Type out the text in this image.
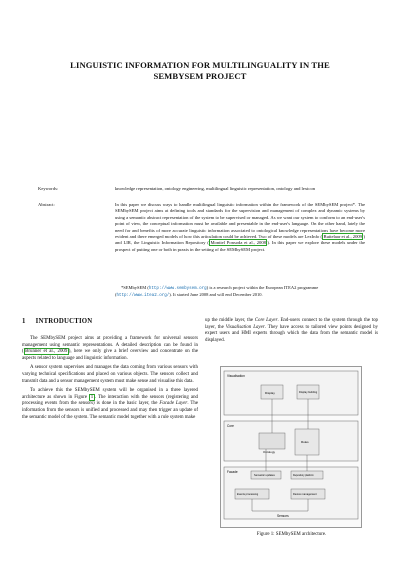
LINGUISTIC INFORMATION FOR MULTILINGUALITY IN THE
SEMBYSEM PROJECT
Keywords:	knowledge representation, ontology engineering, multilingual linguistic representation, ontology and lexicon
Abstract:	In this paper we discuss ways to handle multilingual linguistic information within the framework of the SEMbySEM project*. The SEMbySEM project aims at defining tools and standards for the supervision and management of complex and dynamic systems by using a semantic abstract representation of the system to be supervised or managed. As we want our system to conform to an end-user's point of view, the conceptual information must be available and presentable in the end-user's language. On the other hand, lately the need for and benefits of more accurate linguistic information associated to ontological knowledge representations have become more evident and there emerged models of how this articulation could be achieved. Two of these models are LexInfo ( Buitelaar et al., 2009 ) and LIR, the Linguistic Information Repository ( Montiel Ponsoda et al., 2008 ). In this paper we explore these models under the prospect of putting one or both in praxis in the setting of the SEMbySEM project.

*SEMbySEM (http://www.sembysem.org) is a research project within the European ITEA2 programme (http://www.itea2.org/). It started June 2008 and will end December 2010.

1 INTRODUCTION

The SEMbySEM project aims at providing a framework for universal sensors management using semantic representations. A detailed description can be found in ( Brunner et al., 2009 ), here we only give a brief overview and concentrate on the aspects related to language and linguistic information.

A sensor system supervises and manages the data coming from various sensors with varying technical specifications and placed on various objects. The sensors collect and transmit data and a sensor management system must make sense and visualise this data.

To achieve this the SEMbySEM system will be organised in a three layered architecture as shown in Figure 1 . The interaction with the sensors (registering and processing events from the sensors) is done in the basic layer, the Facade Layer. The information from the sensors is unified and processed and may then trigger an update of the semantic model of the system. The semantic model together with a rule system make

up the middle layer, the Core Layer. End-users connect to the system through the top layer, the Visualisation Layer. They have access to tailored view points designed by expert users and HMI experts through which the data from the semantic model is displayed.

Visualisation
Display	Display building
Core
Ontology
Rules
Facade
Semantic updates	Repository platform
Events processing	Device management
Sensors
Figure 1: SEMbySEM architecture.
